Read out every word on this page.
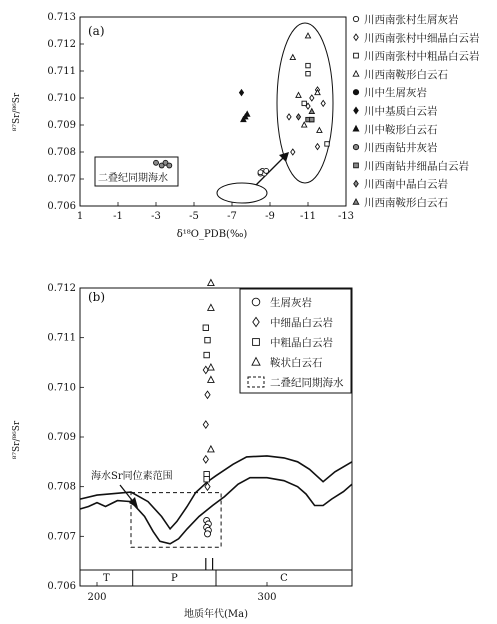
(a)
0.706
0.707
0.708
0.709
0.710
0.711
0.712
0.713
1	-1	-3	-5	-7	-9	-11 -13
⁸⁷Sr/⁸⁶Sr
δ¹⁸O_PDB(‰)
二叠纪同期海水
川西南张村生屑灰岩
川西南张村中细晶白云岩
川西南张村中粗晶白云岩
川西南鞍形白云石
川中生屑灰岩
川中基质白云岩
川中鞍形白云石
川西南钻井灰岩
川西南钻井细晶白云岩
川西南中晶白云岩
川西南鞍形白云石
(b)
0.706
0.707
0.708
0.709
0.710
0.711
0.712
200	300
⁸⁷Sr/⁸⁶Sr
地质年代(Ma)
T	P	C
海水Sr同位素范围
生屑灰岩
中细晶白云岩
中粗晶白云岩
鞍状白云石
二叠纪同期海水
